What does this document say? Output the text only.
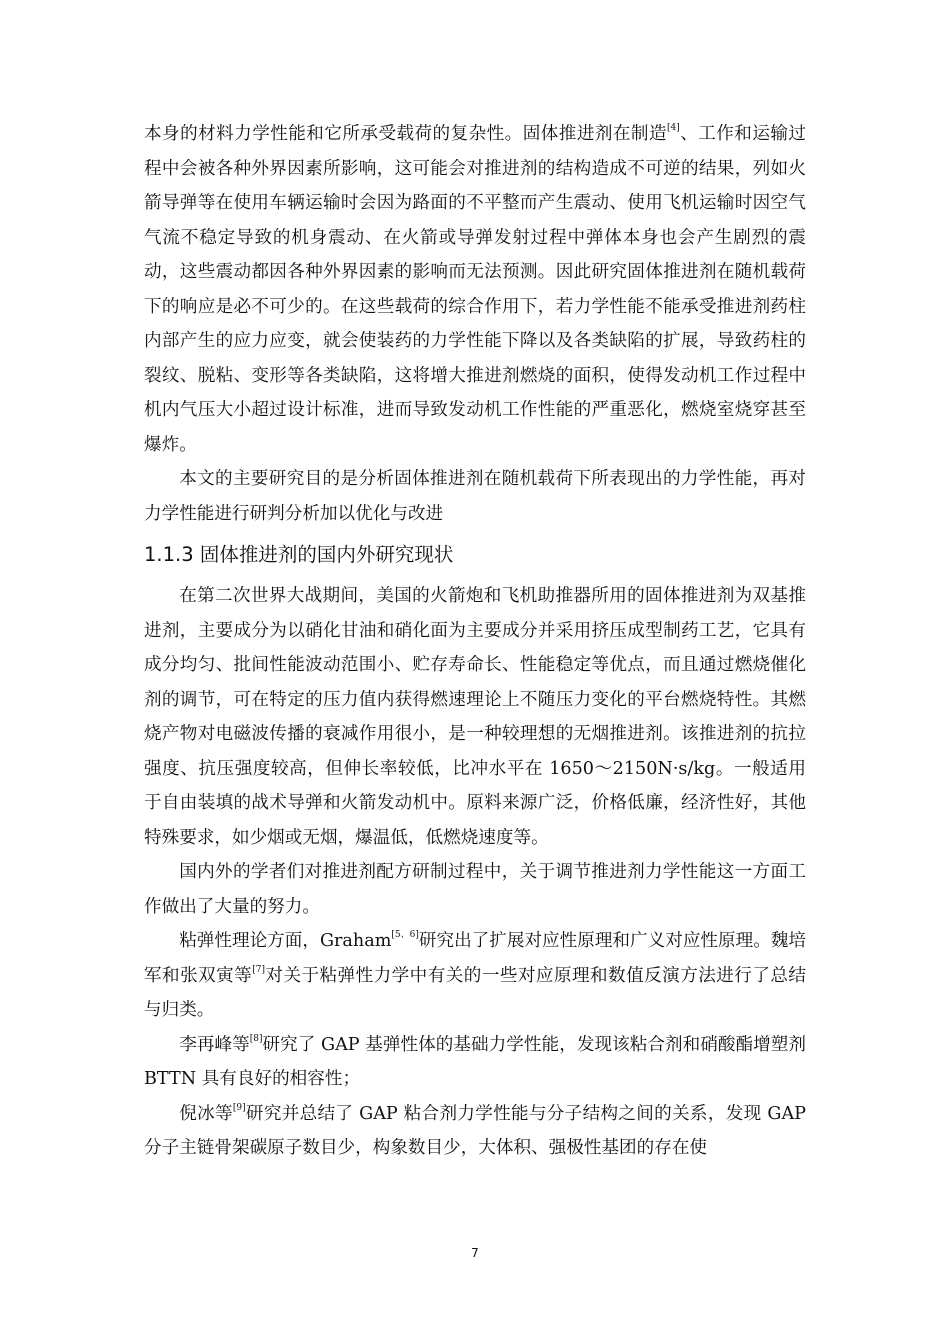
本身的材料力学性能和它所承受载荷的复杂性。固体推进剂在制造[4]、工作和运输过程中会被各种外界因素所影响，这可能会对推进剂的结构造成不可逆的结果，列如火箭导弹等在使用车辆运输时会因为路面的不平整而产生震动、使用飞机运输时因空气气流不稳定导致的机身震动、在火箭或导弹发射过程中弹体本身也会产生剧烈的震动，这些震动都因各种外界因素的影响而无法预测。因此研究固体推进剂在随机载荷下的响应是必不可少的。在这些载荷的综合作用下，若力学性能不能承受推进剂药柱内部产生的应力应变，就会使装药的力学性能下降以及各类缺陷的扩展，导致药柱的裂纹、脱粘、变形等各类缺陷，这将增大推进剂燃烧的面积，使得发动机工作过程中机内气压大小超过设计标准，进而导致发动机工作性能的严重恶化，燃烧室烧穿甚至爆炸。

本文的主要研究目的是分析固体推进剂在随机载荷下所表现出的力学性能，再对力学性能进行研判分析加以优化与改进

1.1.3 固体推进剂的国内外研究现状

在第二次世界大战期间，美国的火箭炮和飞机助推器所用的固体推进剂为双基推进剂，主要成分为以硝化甘油和硝化面为主要成分并采用挤压成型制药工艺，它具有成分均匀、批间性能波动范围小、贮存寿命长、性能稳定等优点，而且通过燃烧催化剂的调节，可在特定的压力值内获得燃速理论上不随压力变化的平台燃烧特性。其燃烧产物对电磁波传播的衰减作用很小，是一种较理想的无烟推进剂。该推进剂的抗拉强度、抗压强度较高，但伸长率较低，比冲水平在 1650～2150N·s/kg。一般适用于自由装填的战术导弹和火箭发动机中。原料来源广泛，价格低廉，经济性好，其他特殊要求，如少烟或无烟，爆温低，低燃烧速度等。

国内外的学者们对推进剂配方研制过程中，关于调节推进剂力学性能这一方面工作做出了大量的努力。

粘弹性理论方面，Graham[5、6]研究出了扩展对应性原理和广义对应性原理。魏培军和张双寅等[7]对关于粘弹性力学中有关的一些对应原理和数值反演方法进行了总结与归类。

李再峰等[8]研究了 GAP 基弹性体的基础力学性能，发现该粘合剂和硝酸酯增塑剂 BTTN 具有良好的相容性；

倪冰等[9]研究并总结了 GAP 粘合剂力学性能与分子结构之间的关系，发现 GAP 分子主链骨架碳原子数目少，构象数目少，大体积、强极性基团的存在使

7
